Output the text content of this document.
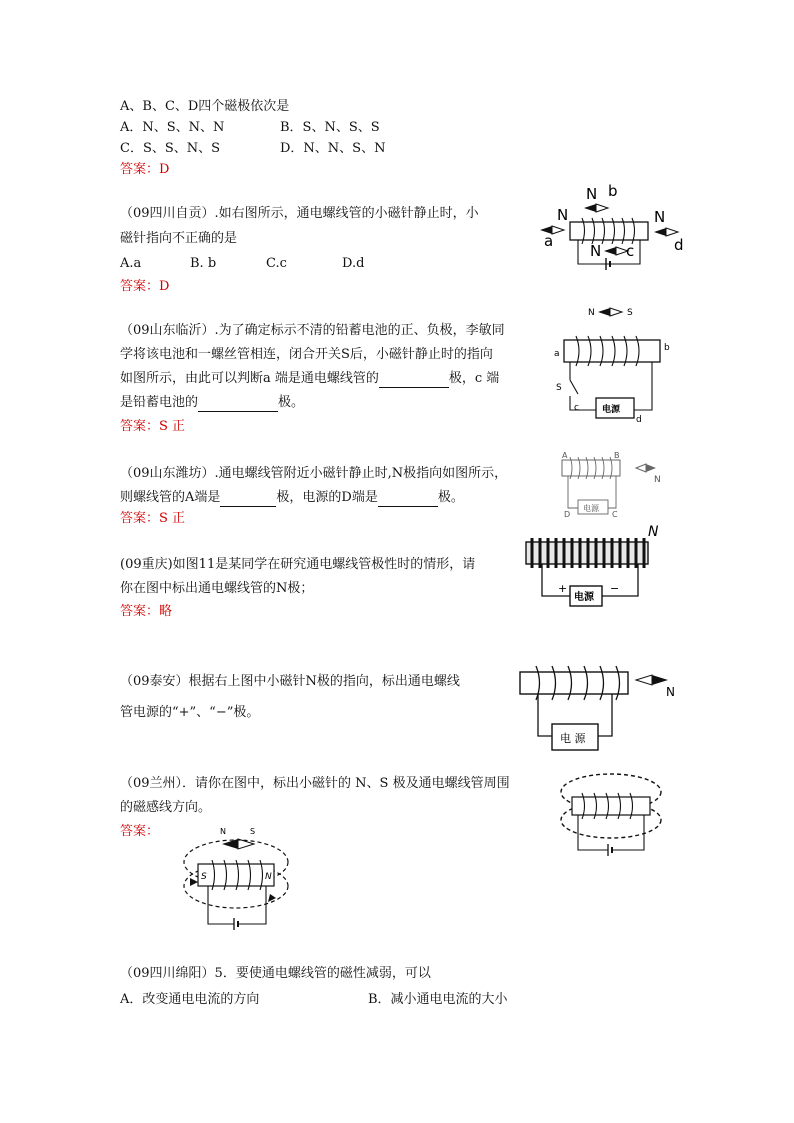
A、B、C、D四个磁极依次是
A．N、S、N、N	B．S、N、S、S
C．S、S、N、S	D．N、N、S、N
答案：D
（09四川自贡）.如右图所示，通电螺线管的小磁针静止时，小
磁针指向不正确的是
A.a	B. b	C.c	D.d
答案：D
N b
N
a
N
d
N c
（09山东临沂）.为了确定标示不清的铅蓄电池的正、负极，李敏同
学将该电池和一螺丝管相连，闭合开关S后，小磁针静止时的指向
如图所示，由此可以判断a 端是通电螺线管的	极，c 端
是铅蓄电池的	极。
答案：S 正
N	S
a
b
S
电源
c
d
（09山东潍坊）.通电螺线管附近小磁针静止时,N极指向如图所示，
则螺线管的A端是	极，电源的D端是	极。
答案：S 正
A	B
N
电源
D	C
(09重庆)如图11是某同学在研究通电螺线管极性时的情形，请
你在图中标出通电螺线管的N极；
答案：略
N
电源
+	−
（09泰安）根据右上图中小磁针N极的指向，标出通电螺线
管电源的“+”、“−”极。
N
电 源
（09兰州）．请你在图中，标出小磁针的 N、S 极及通电螺线管周围
的磁感线方向。
答案：	N	S
S	N
（09四川绵阳）5．要使通电螺线管的磁性减弱，可以
A．改变通电电流的方向	B．减小通电电流的大小
